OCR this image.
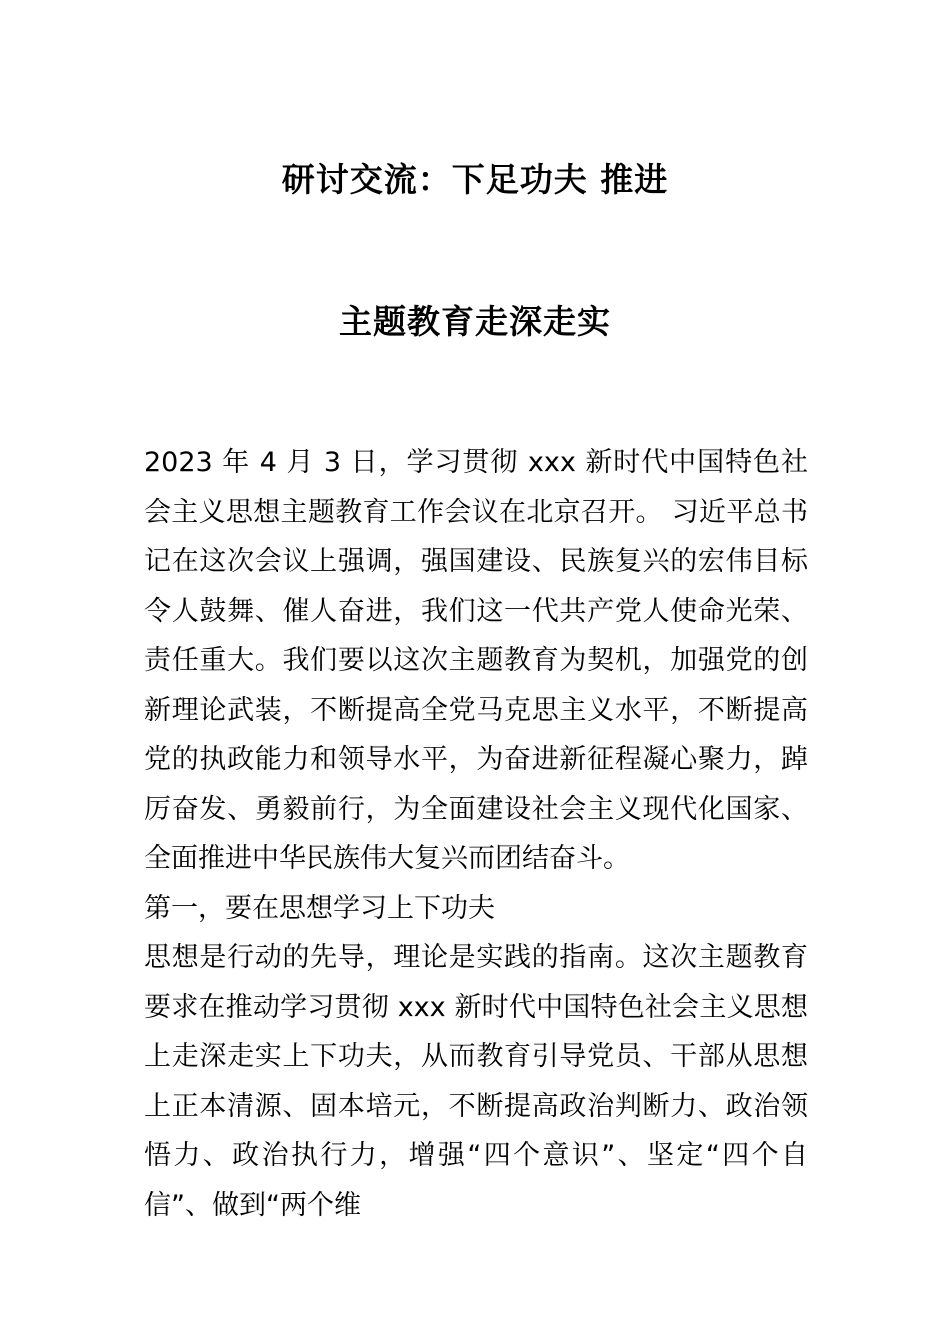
研讨交流：下足功夫 推进
主题教育走深走实

2023 年 4 月 3 日，学习贯彻 xxx 新时代中国特色社会主义思想主题教育工作会议在北京召开。 习近平总书记在这次会议上强调，强国建设、民族复兴的宏伟目标令人鼓舞、催人奋进，我们这一代共产党人使命光荣、责任重大。我们要以这次主题教育为契机，加强党的创新理论武装，不断提高全党马克思主义水平，不断提高党的执政能力和领导水平，为奋进新征程凝心聚力，踔厉奋发、勇毅前行，为全面建设社会主义现代化国家、全面推进中华民族伟大复兴而团结奋斗。

第一，要在思想学习上下功夫

思想是行动的先导，理论是实践的指南。这次主题教育要求在推动学习贯彻 xxx 新时代中国特色社会主义思想上走深走实上下功夫，从而教育引导党员、干部从思想上正本清源、固本培元，不断提高政治判断力、政治领悟力、政治执行力，增强“四个意识”、坚定“四个自信”、做到“两个维
